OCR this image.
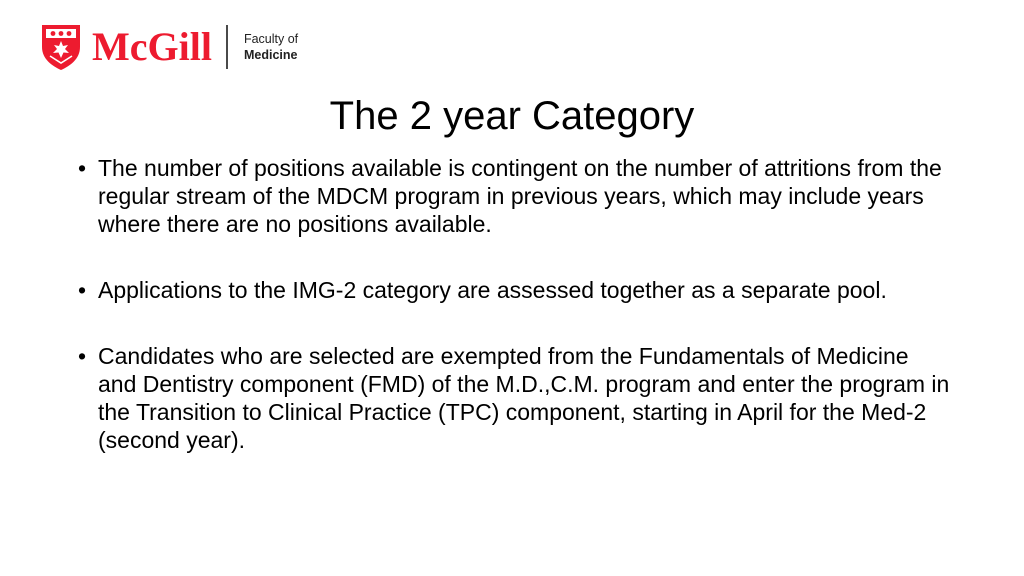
McGill	Faculty of
Medicine
The 2 year Category
• The number of positions available is contingent on the number of attritions from the regular stream of the MDCM program in previous years, which may include years where there are no positions available.
• Applications to the IMG-2 category are assessed together as a separate pool.
• Candidates who are selected are exempted from the Fundamentals of Medicine and Dentistry component (FMD) of the M.D.,C.M. program and enter the program in the Transition to Clinical Practice (TPC) component, starting in April for the Med-2 (second year).
